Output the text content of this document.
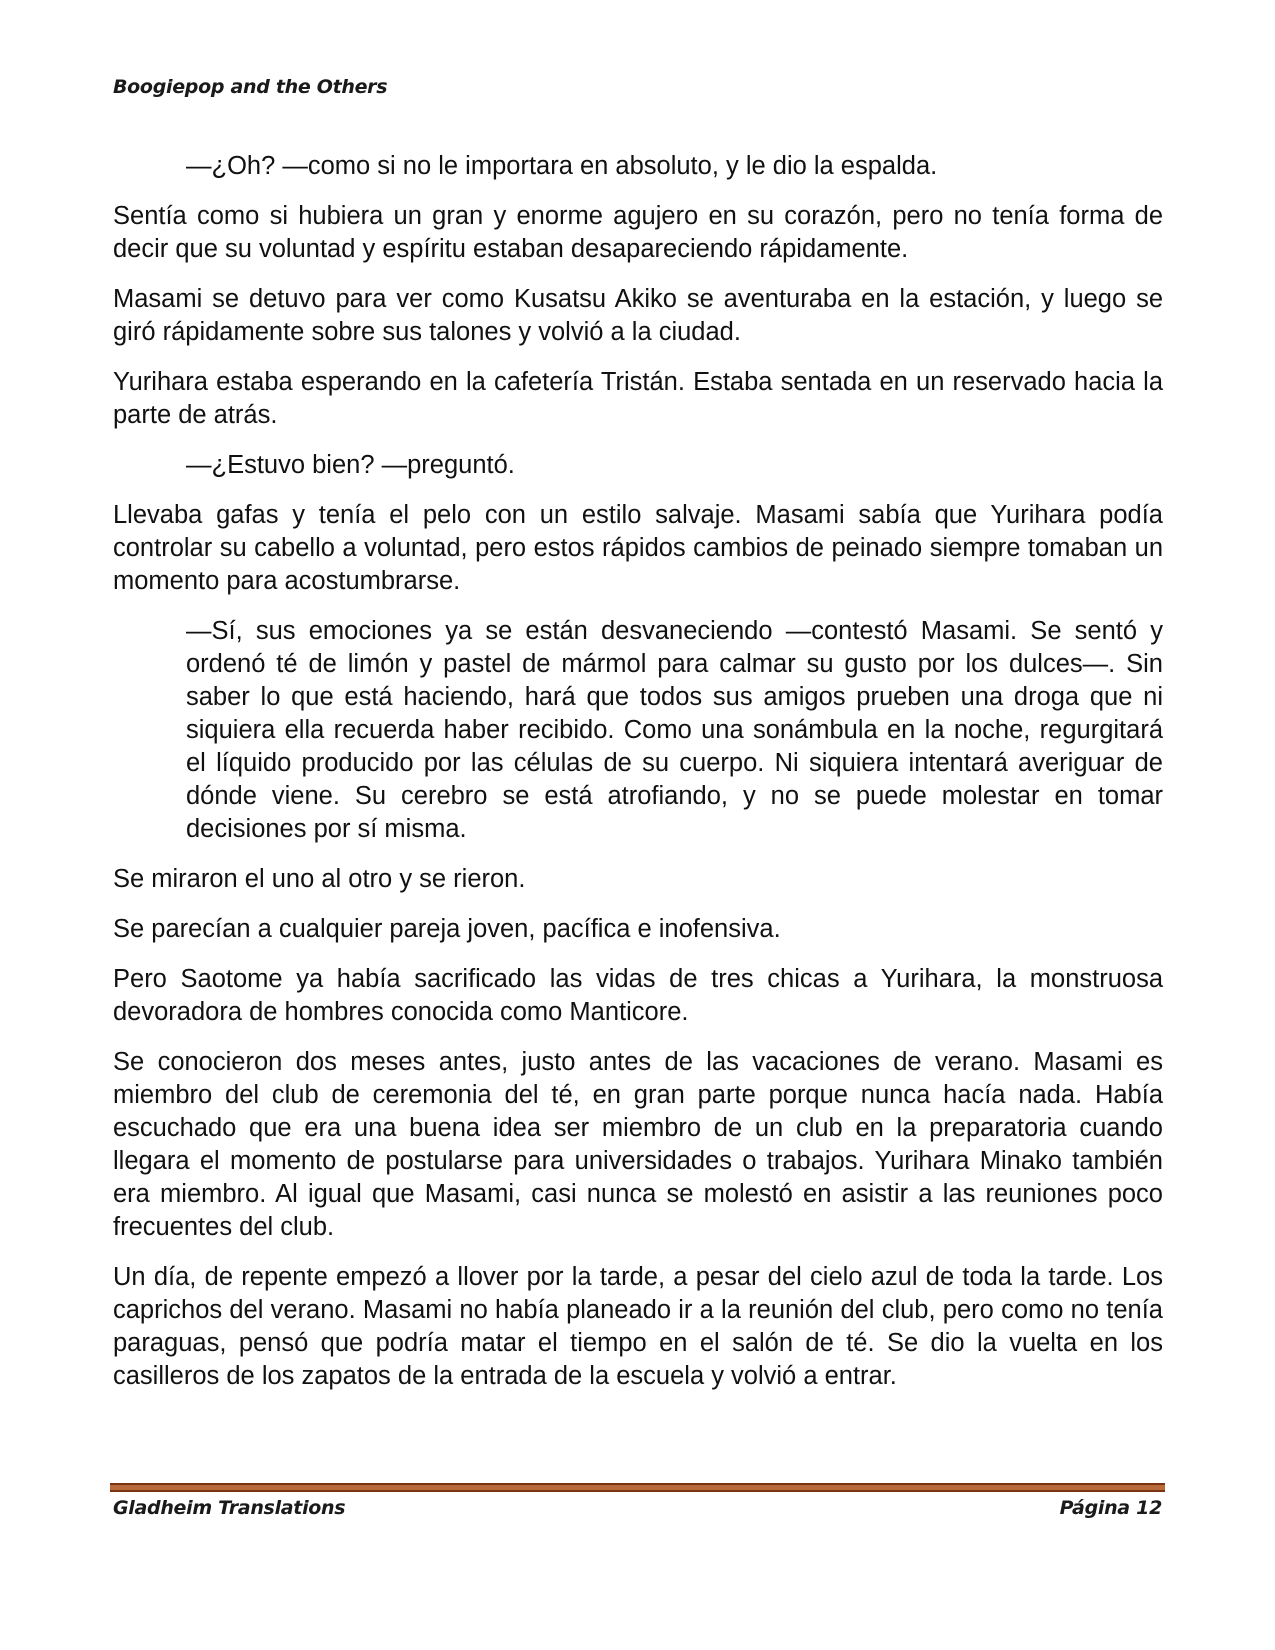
Boogiepop and the Others

—¿Oh? —como si no le importara en absoluto, y le dio la espalda.

Sentía como si hubiera un gran y enorme agujero en su corazón, pero no tenía forma de decir que su voluntad y espíritu estaban desapareciendo rápidamente.

Masami se detuvo para ver como Kusatsu Akiko se aventuraba en la estación, y luego se giró rápidamente sobre sus talones y volvió a la ciudad.

Yurihara estaba esperando en la cafetería Tristán. Estaba sentada en un reservado hacia la parte de atrás.

—¿Estuvo bien? —preguntó.

Llevaba gafas y tenía el pelo con un estilo salvaje. Masami sabía que Yurihara podía controlar su cabello a voluntad, pero estos rápidos cambios de peinado siempre tomaban un momento para acostumbrarse.

—Sí, sus emociones ya se están desvaneciendo —contestó Masami. Se sentó y ordenó té de limón y pastel de mármol para calmar su gusto por los dulces—. Sin saber lo que está haciendo, hará que todos sus amigos prueben una droga que ni siquiera ella recuerda haber recibido. Como una sonámbula en la noche, regurgitará el líquido producido por las células de su cuerpo. Ni siquiera intentará averiguar de dónde viene. Su cerebro se está atrofiando, y no se puede molestar en tomar decisiones por sí misma.

Se miraron el uno al otro y se rieron.

Se parecían a cualquier pareja joven, pacífica e inofensiva.

Pero Saotome ya había sacrificado las vidas de tres chicas a Yurihara, la monstruosa devoradora de hombres conocida como Manticore.

Se conocieron dos meses antes, justo antes de las vacaciones de verano. Masami es miembro del club de ceremonia del té, en gran parte porque nunca hacía nada. Había escuchado que era una buena idea ser miembro de un club en la preparatoria cuando llegara el momento de postularse para universidades o trabajos. Yurihara Minako también era miembro. Al igual que Masami, casi nunca se molestó en asistir a las reuniones poco frecuentes del club.

Un día, de repente empezó a llover por la tarde, a pesar del cielo azul de toda la tarde. Los caprichos del verano. Masami no había planeado ir a la reunión del club, pero como no tenía paraguas, pensó que podría matar el tiempo en el salón de té. Se dio la vuelta en los casilleros de los zapatos de la entrada de la escuela y volvió a entrar.

Gladheim Translations	Página 12
